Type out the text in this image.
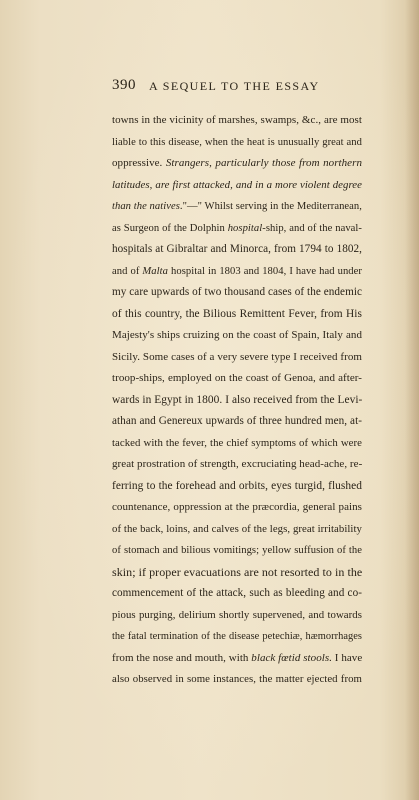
390 A SEQUEL TO THE ESSAY
towns in the vicinity of marshes, swamps, &c., are most
liable to this disease, when the heat is unusually great and
oppressive. Strangers, particularly those from northern
latitudes, are first attacked, and in a more violent degree
than the natives."—" Whilst serving in the Mediterranean,
as Surgeon of the Dolphin hospital-ship, and of the naval-
hospitals at Gibraltar and Minorca, from 1794 to 1802,
and of Malta hospital in 1803 and 1804, I have had under
my care upwards of two thousand cases of the endemic
of this country, the Bilious Remittent Fever, from His
Majesty's ships cruizing on the coast of Spain, Italy and
Sicily. Some cases of a very severe type I received from
troop-ships, employed on the coast of Genoa, and after-
wards in Egypt in 1800. I also received from the Levi-
athan and Genereux upwards of three hundred men, at-
tacked with the fever, the chief symptoms of which were
great prostration of strength, excruciating head-ache, re-
ferring to the forehead and orbits, eyes turgid, flushed
countenance, oppression at the præcordia, general pains
of the back, loins, and calves of the legs, great irritability
of stomach and bilious vomitings; yellow suffusion of the
skin; if proper evacuations are not resorted to in the
commencement of the attack, such as bleeding and co-
pious purging, delirium shortly supervened, and towards
the fatal termination of the disease petechiæ, hæmorrhages
from the nose and mouth, with black fœtid stools. I have
also observed in some instances, the matter ejected from
